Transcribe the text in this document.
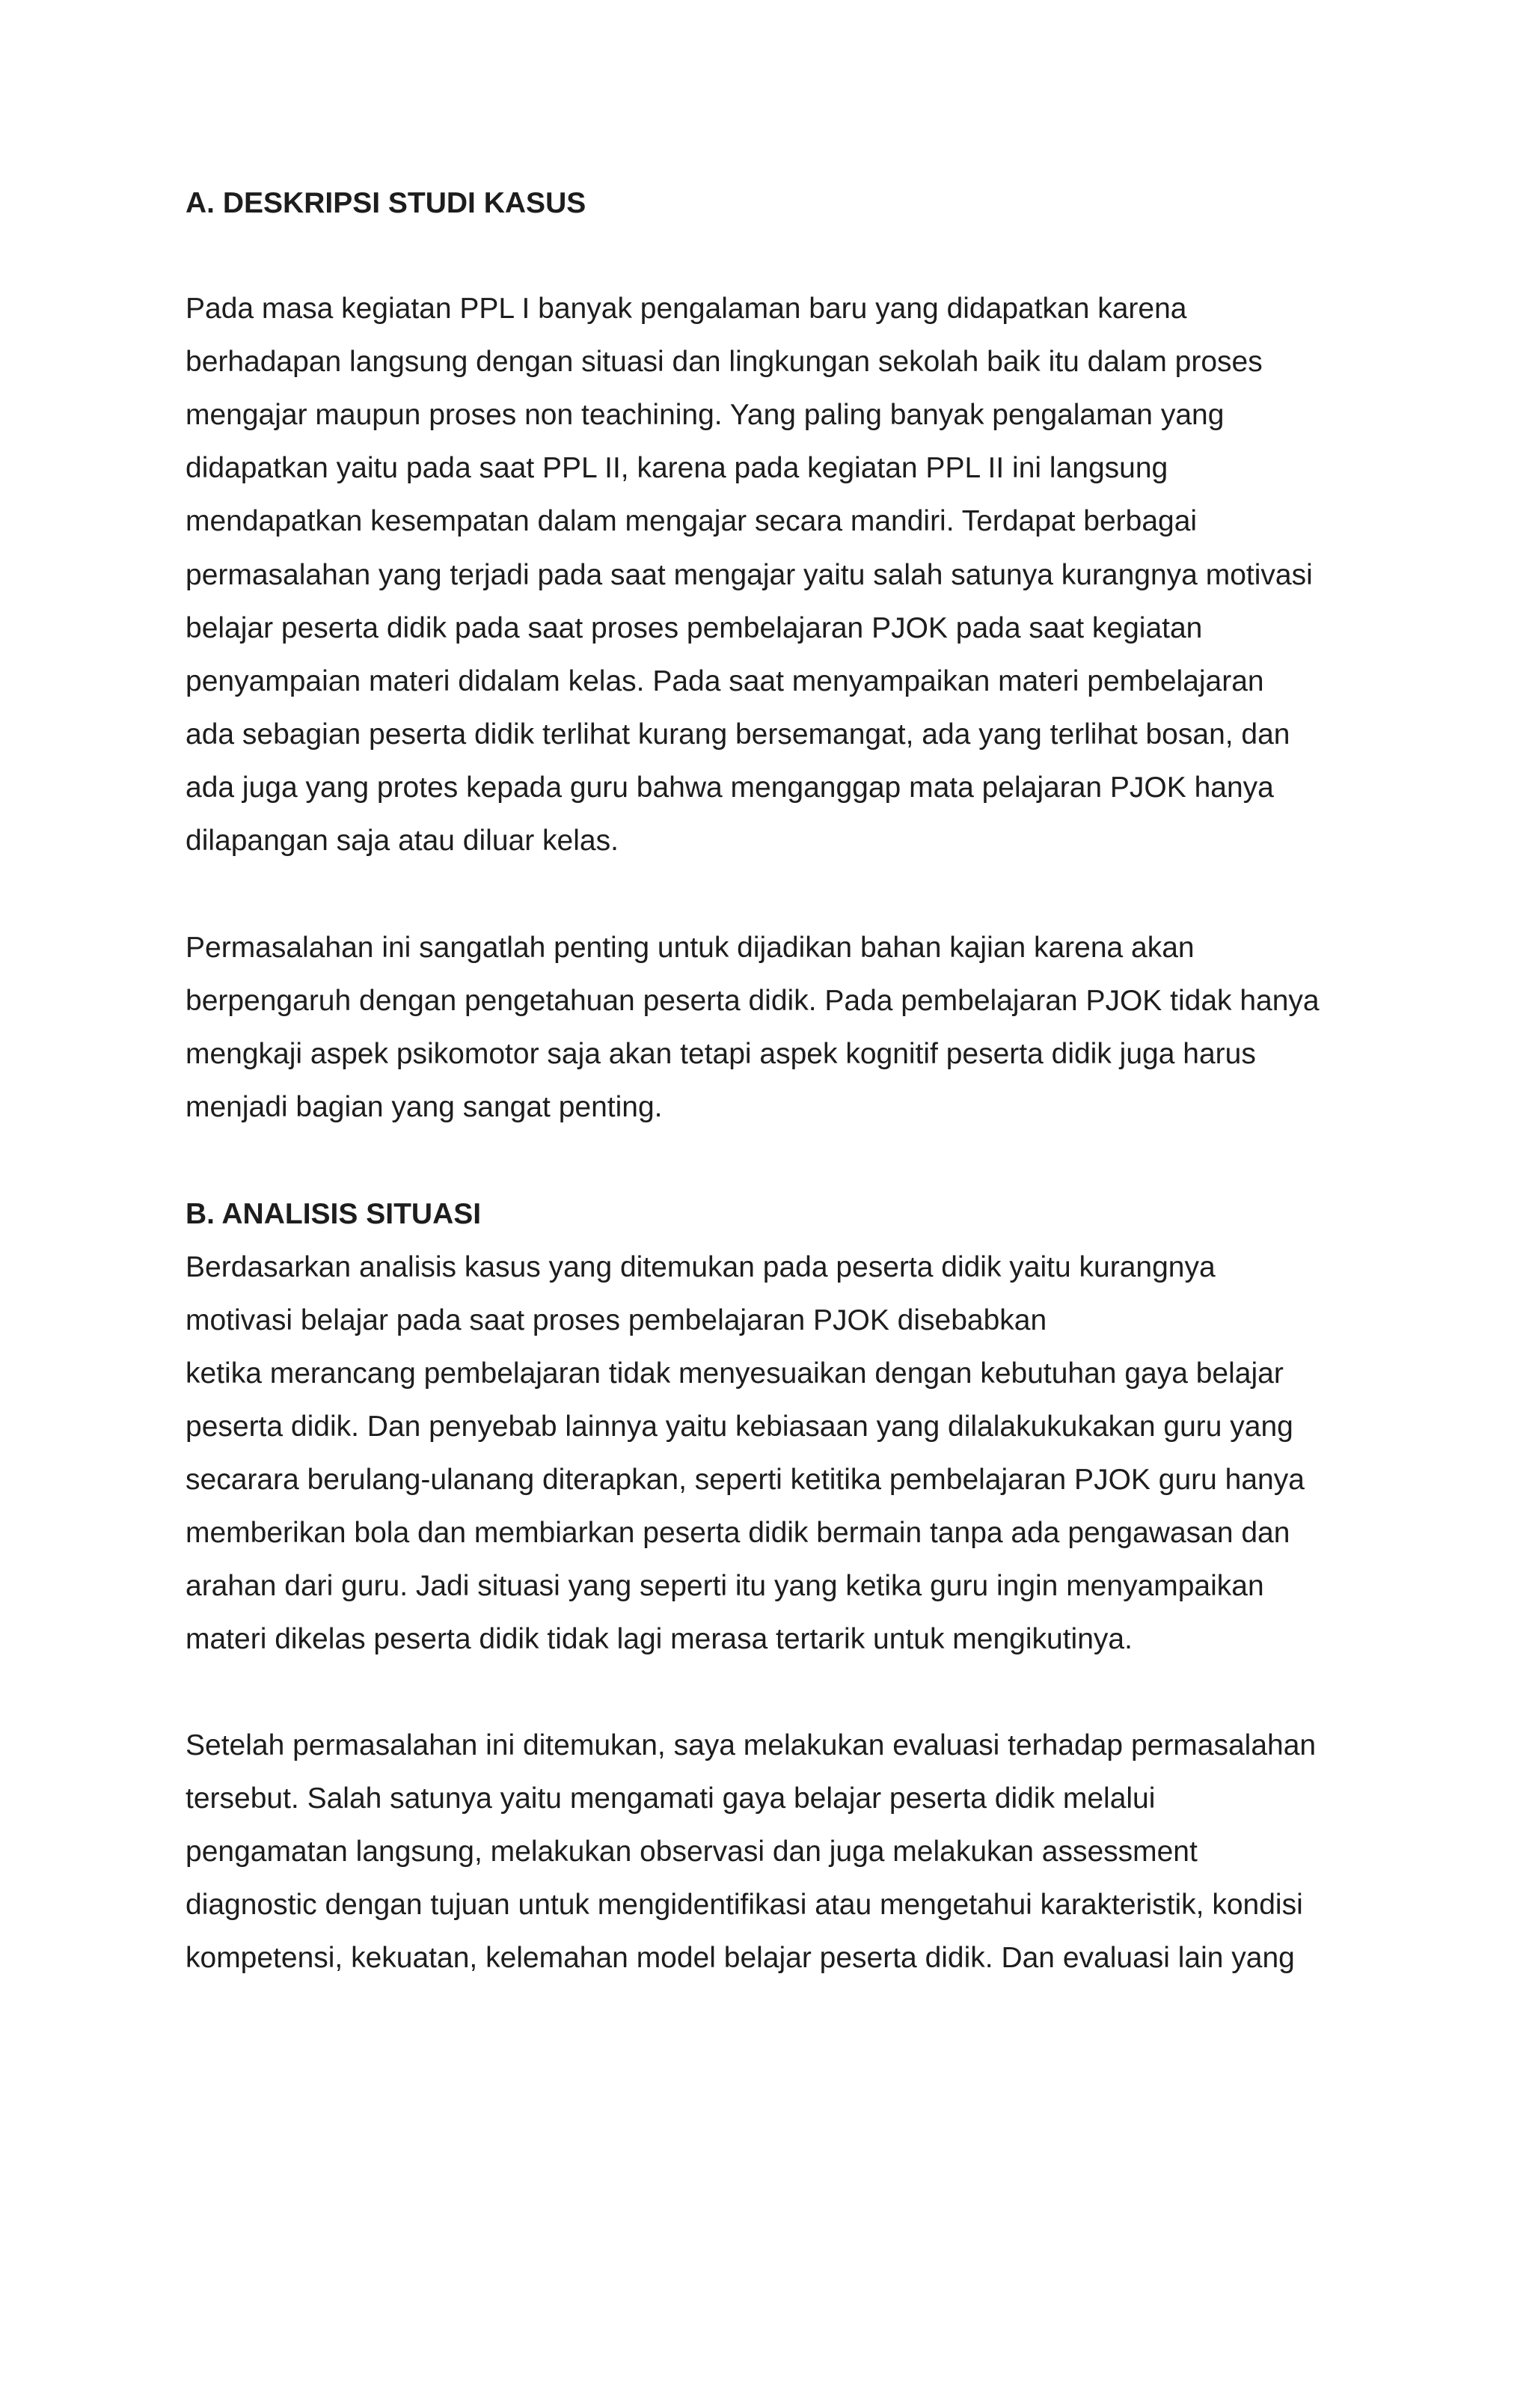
A. DESKRIPSI STUDI KASUS
Pada masa kegiatan PPL I banyak pengalaman baru yang didapatkan karena
berhadapan langsung dengan situasi dan lingkungan sekolah baik itu dalam proses
mengajar maupun proses non teachining. Yang paling banyak pengalaman yang
didapatkan yaitu pada saat PPL II, karena pada kegiatan PPL II ini langsung
mendapatkan kesempatan dalam mengajar secara mandiri. Terdapat berbagai
permasalahan yang terjadi pada saat mengajar yaitu salah satunya kurangnya motivasi
belajar peserta didik pada saat proses pembelajaran PJOK pada saat kegiatan
penyampaian materi didalam kelas. Pada saat menyampaikan materi pembelajaran
ada sebagian peserta didik terlihat kurang bersemangat, ada yang terlihat bosan, dan
ada juga yang protes kepada guru bahwa menganggap mata pelajaran PJOK hanya
dilapangan saja atau diluar kelas.
Permasalahan ini sangatlah penting untuk dijadikan bahan kajian karena akan
berpengaruh dengan pengetahuan peserta didik. Pada pembelajaran PJOK tidak hanya
mengkaji aspek psikomotor saja akan tetapi aspek kognitif peserta didik juga harus
menjadi bagian yang sangat penting.
B. ANALISIS SITUASI
Berdasarkan analisis kasus yang ditemukan pada peserta didik yaitu kurangnya
motivasi belajar pada saat proses pembelajaran PJOK disebabkan
ketika merancang pembelajaran tidak menyesuaikan dengan kebutuhan gaya belajar
peserta didik. Dan penyebab lainnya yaitu kebiasaan yang dilalakukukakan guru yang
secarara berulang-ulanang diterapkan, seperti ketitika pembelajaran PJOK guru hanya
memberikan bola dan membiarkan peserta didik bermain tanpa ada pengawasan dan
arahan dari guru. Jadi situasi yang seperti itu yang ketika guru ingin menyampaikan
materi dikelas peserta didik tidak lagi merasa tertarik untuk mengikutinya.
Setelah permasalahan ini ditemukan, saya melakukan evaluasi terhadap permasalahan
tersebut. Salah satunya yaitu mengamati gaya belajar peserta didik melalui
pengamatan langsung, melakukan observasi dan juga melakukan assessment
diagnostic dengan tujuan untuk mengidentifikasi atau mengetahui karakteristik, kondisi
kompetensi, kekuatan, kelemahan model belajar peserta didik. Dan evaluasi lain yang
